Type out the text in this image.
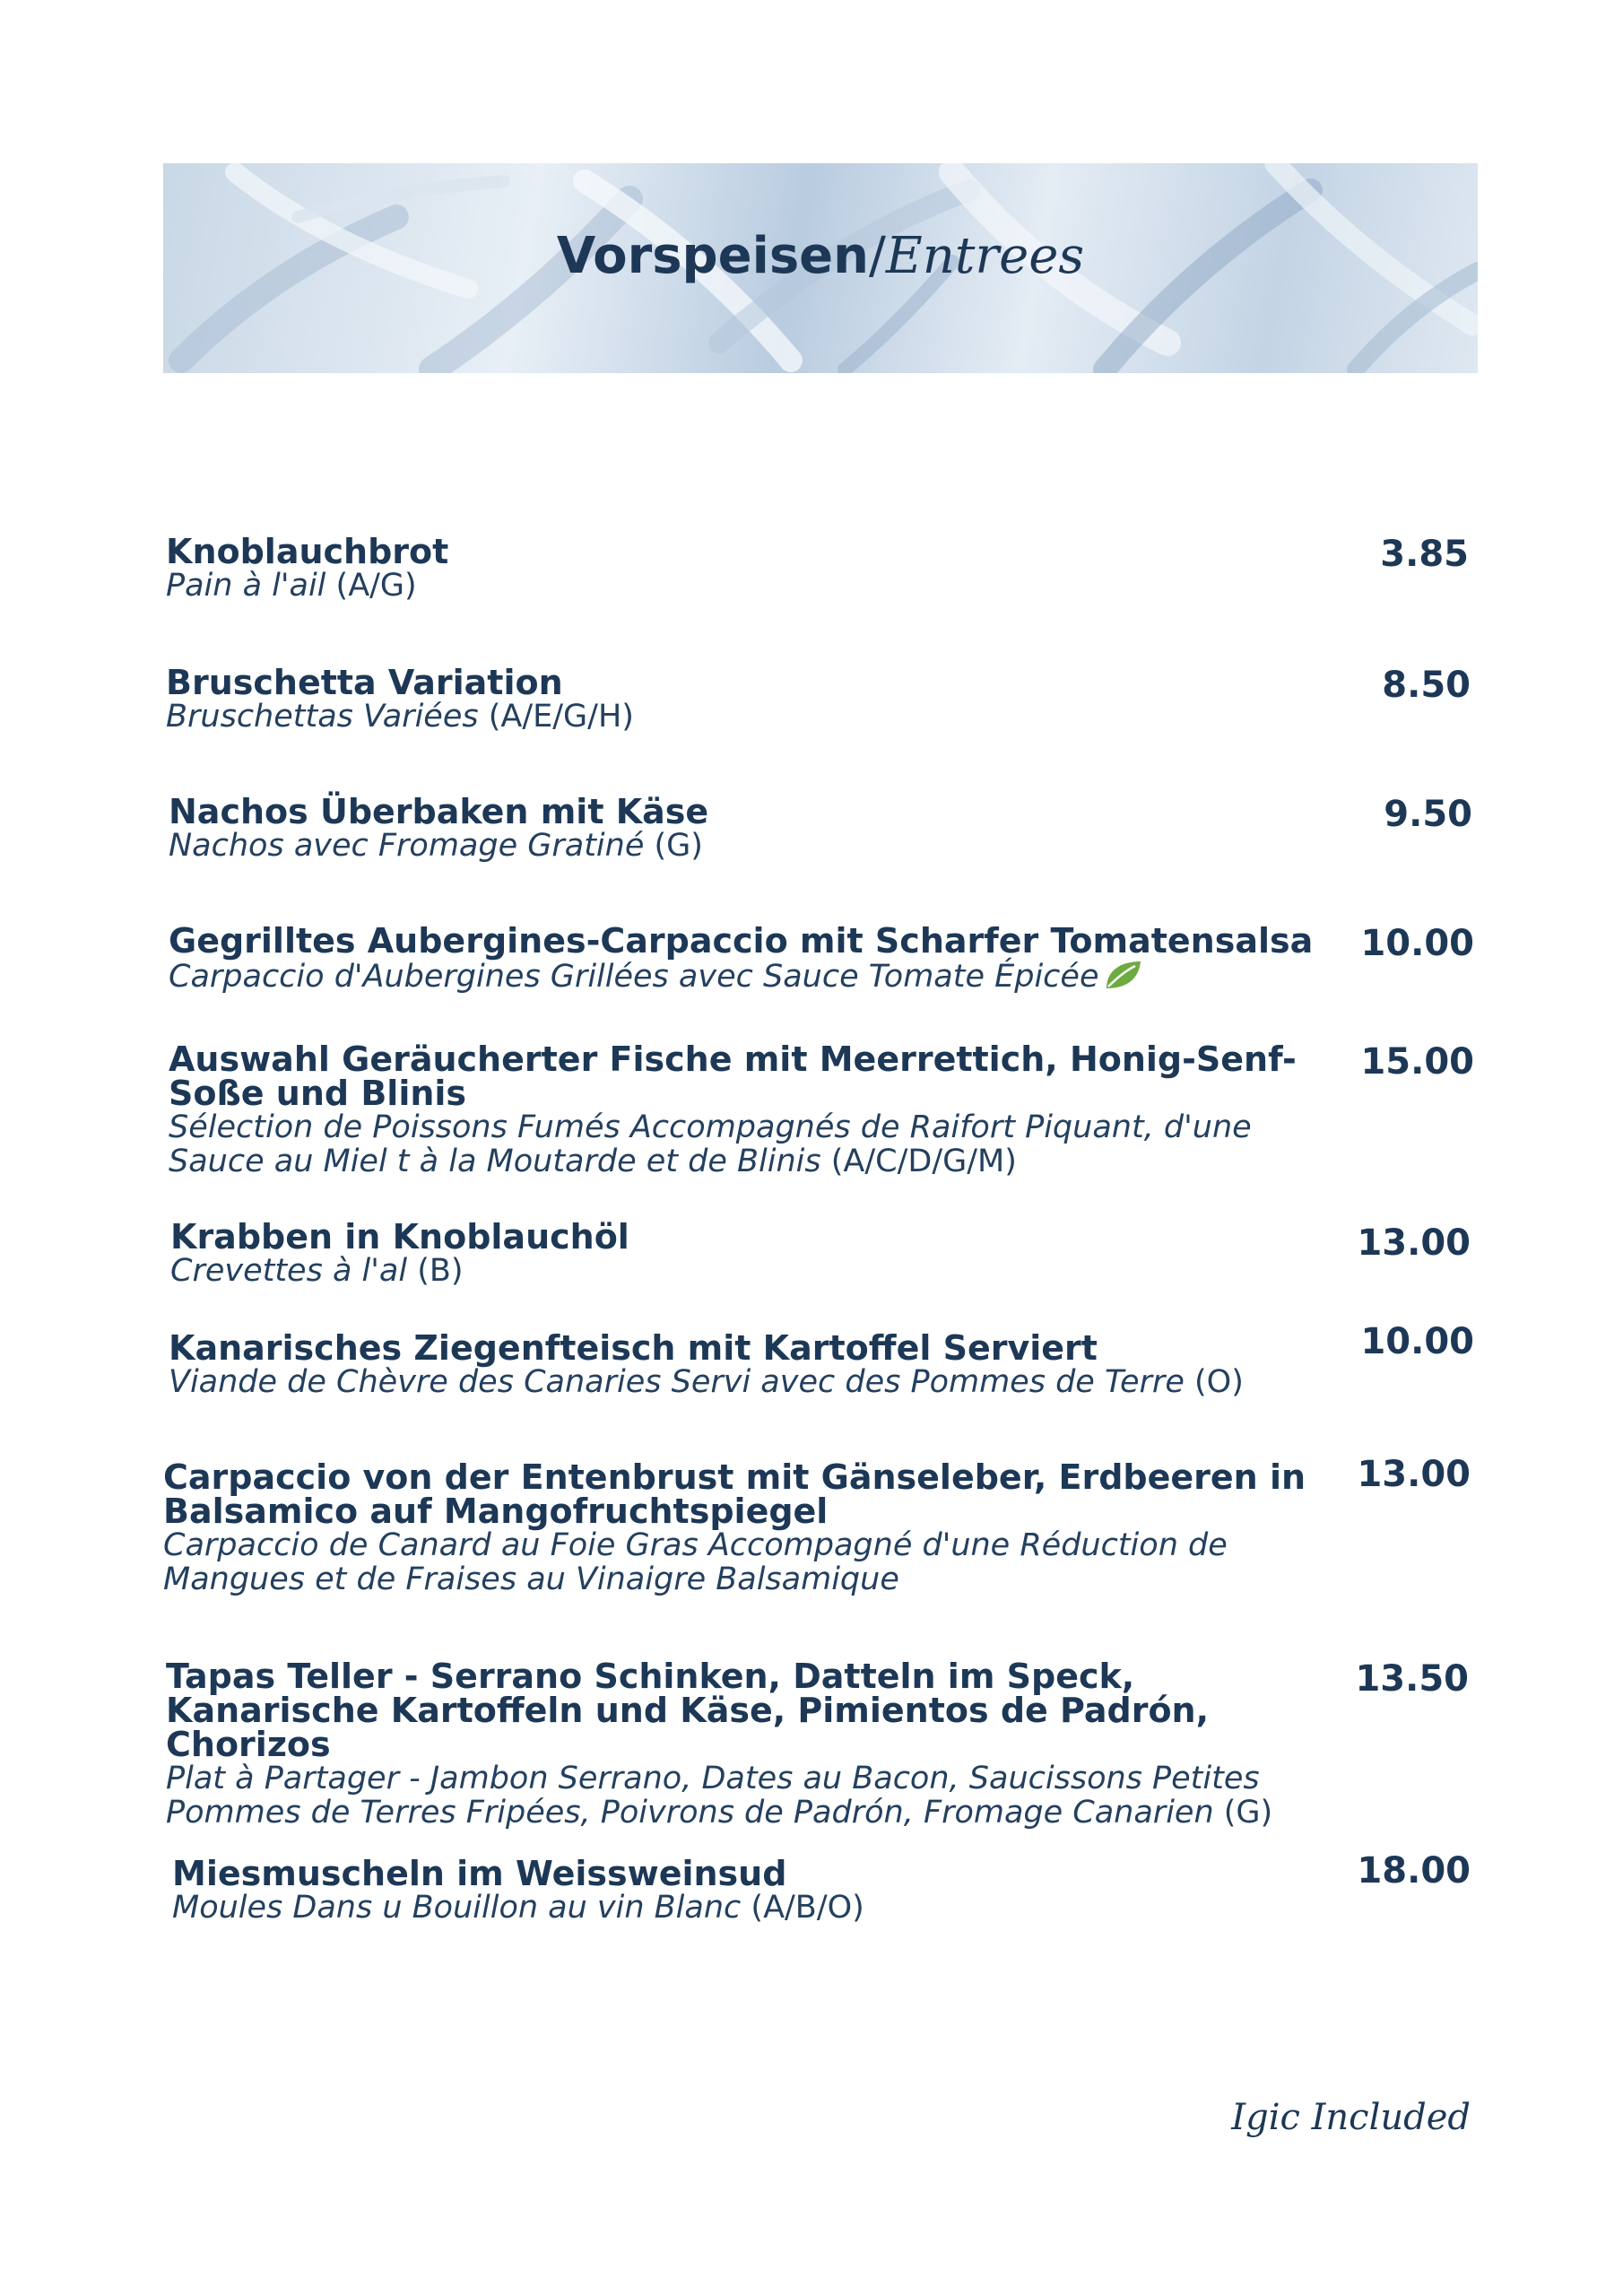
Vorspeisen/Entrees
Knoblauchbrot
Pain à l'ail (A/G)
3.85
Bruschetta Variation
Bruschettas Variées (A/E/G/H)
8.50
Nachos Überbaken mit Käse
Nachos avec Fromage Gratiné (G)
9.50
Gegrilltes Aubergines-Carpaccio mit Scharfer Tomatensalsa
Carpaccio d'Aubergines Grillées avec Sauce Tomate Épicée
10.00
Auswahl Geräucherter Fische mit Meerrettich, Honig-Senf-Soße und Blinis
Sélection de Poissons Fumés Accompagnés de Raifort Piquant, d'une Sauce au Miel t à la Moutarde et de Blinis (A/C/D/G/M)
15.00
Krabben in Knoblauchöl
Crevettes à l'al (B)
13.00
Kanarisches Ziegenfteisch mit Kartoffel Serviert
Viande de Chèvre des Canaries Servi avec des Pommes de Terre (O)
10.00
Carpaccio von der Entenbrust mit Gänseleber, Erdbeeren in Balsamico auf Mangofruchtspiegel
Carpaccio de Canard au Foie Gras Accompagné d'une Réduction de Mangues et de Fraises au Vinaigre Balsamique
13.00
Tapas Teller - Serrano Schinken, Datteln im Speck, Kanarische Kartoffeln und Käse, Pimientos de Padrón, Chorizos
Plat à Partager - Jambon Serrano, Dates au Bacon, Saucissons Petites Pommes de Terres Fripées, Poivrons de Padrón, Fromage Canarien (G)
13.50
Miesmuscheln im Weissweinsud
Moules Dans u Bouillon au vin Blanc (A/B/O)
18.00
Igic Included
